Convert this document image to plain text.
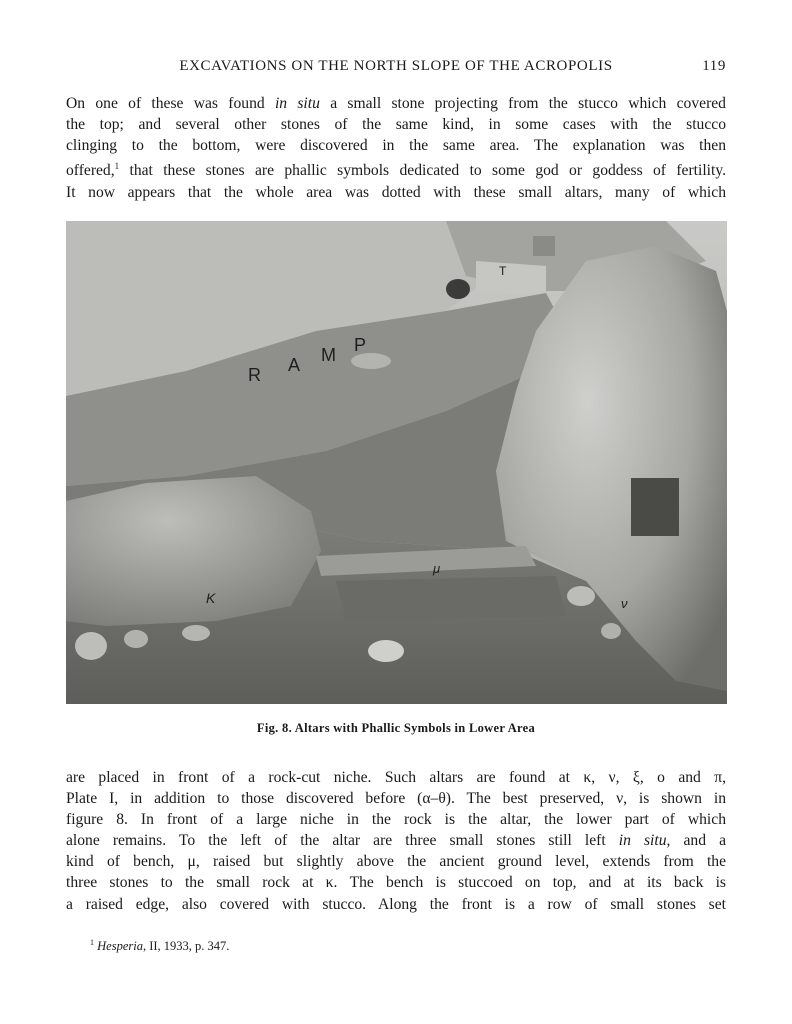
EXCAVATIONS ON THE NORTH SLOPE OF THE ACROPOLIS	119
On one of these was found in situ a small stone projecting from the stucco which covered
the top; and several other stones of the same kind, in some cases with the stucco
clinging to the bottom, were discovered in the same area. The explanation was then
offered,$^1$ that these stones are phallic symbols dedicated to some god or goddess of fertility.
It now appears that the whole area was dotted with these small altars, many of which
R A M P
T
K
μ
ν
Fig. 8. Altars with Phallic Symbols in Lower Area
are placed in front of a rock-cut niche. Such altars are found at κ, ν, ξ, ο and π,
Plate I, in addition to those discovered before (α–θ). The best preserved, ν, is shown in
figure 8. In front of a large niche in the rock is the altar, the lower part of which
alone remains. To the left of the altar are three small stones still left in situ, and a
kind of bench, μ, raised but slightly above the ancient ground level, extends from the
three stones to the small rock at κ. The bench is stuccoed on top, and at its back is
a raised edge, also covered with stucco. Along the front is a row of small stones set
$^1$ Hesperia, II, 1933, p. 347.
